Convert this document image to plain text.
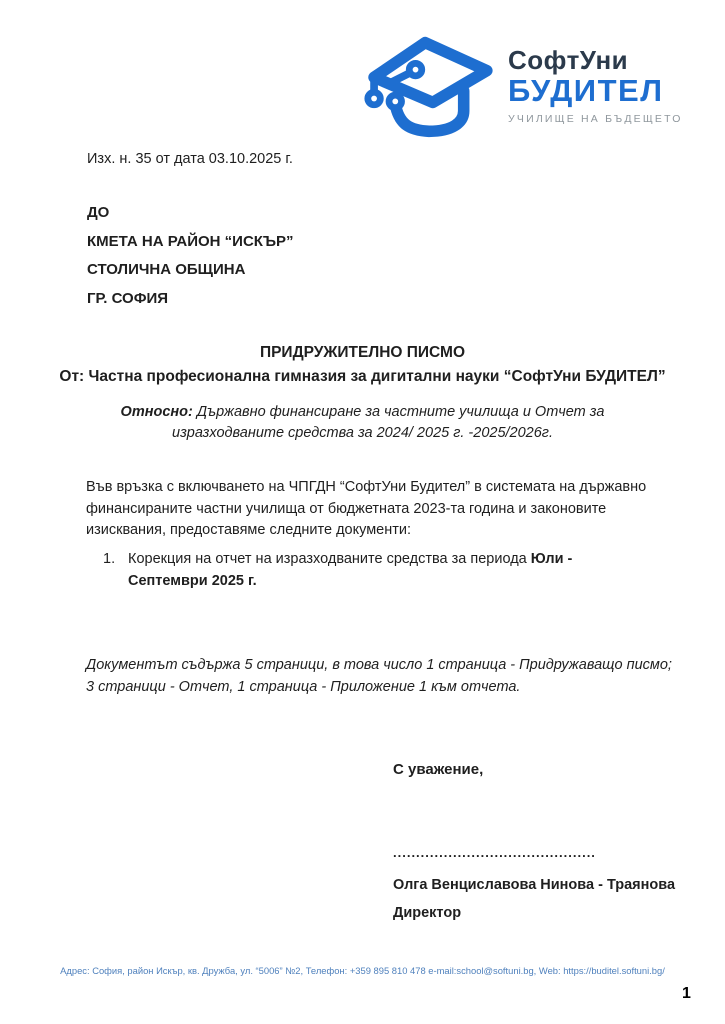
СофтУни
БУДИТЕЛ
УЧИЛИЩЕ НА БЪДЕЩЕТО
Изх. н. 35 от дата 03.10.2025 г.
ДО
КМЕТА НА РАЙОН “ИСКЪР”
СТОЛИЧНА ОБЩИНА
ГР. СОФИЯ
ПРИДРУЖИТЕЛНО ПИСМО
От: Частна професионална гимназия за дигитални науки “СофтУни БУДИТЕЛ”
Относно: Държавно финансиране за частните училища и Отчет за изразходваните средства за 2024/ 2025 г. -2025/2026г.

Във връзка с включването на ЧПГДН “СофтУни Будител” в системата на държавно финансираните частни училища от бюджетната 2023-та година и законовите изисквания, предоставяме следните документи:

1. Корекция на отчет на изразходваните средства за периода Юли - Септември 2025 г.

Документът съдържа 5 страници, в това число 1 страница - Придружаващо писмо; 3 страници - Отчет, 1 страница - Приложение 1 към отчета.

С уважение,
............................................
Олга Венциславова Нинова - Траянова
Директор
Адрес: София, район Искър, кв. Дружба, ул. “5006” №2, Телефон: +359 895 810 478 e-mail:school@softuni.bg, Web: https://buditel.softuni.bg/
1
